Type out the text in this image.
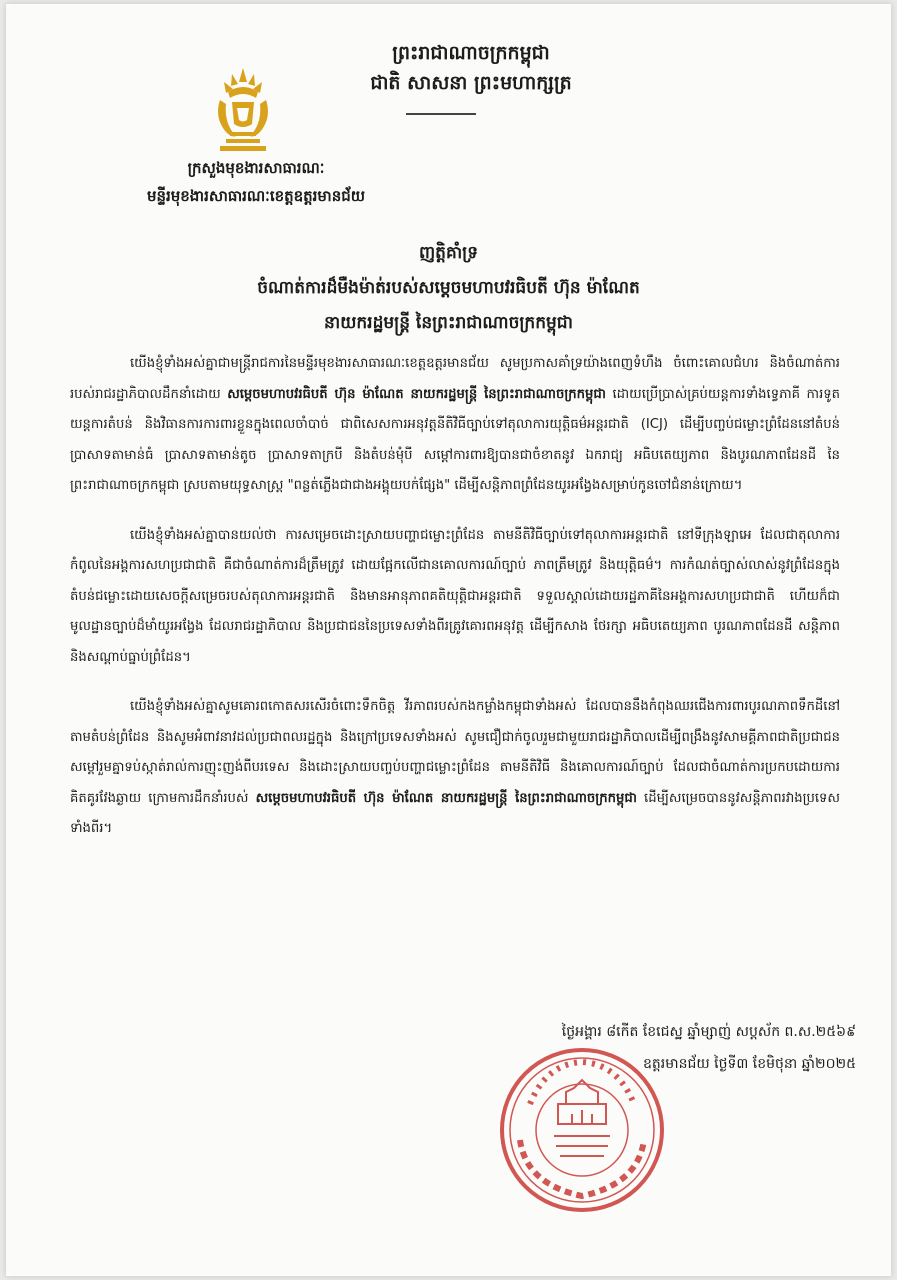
ព្រះរាជាណាចក្រកម្ពុជា
ជាតិ សាសនា ព្រះមហាក្សត្រ
ក្រសួងមុខងារសាធារណៈ
មន្ទីរមុខងារសាធារណៈខេត្តឧត្តរមានជ័យ
ញត្តិគាំទ្រ
ចំណាត់ការដ៏មឺងម៉ាត់របស់សម្តេចមហាបវរធិបតី ហ៊ុន ម៉ាណែត
នាយករដ្ឋមន្ត្រី នៃព្រះរាជាណាចក្រកម្ពុជា

យើងខ្ញុំទាំងអស់គ្នាជាមន្ត្រីរាជការនៃមន្ទីរមុខងារសាធារណៈខេត្តឧត្តរមានជ័យ សូមប្រកាសគាំទ្រយ៉ាងពេញទំហឹង ចំពោះគោលជំហរ និងចំណាត់ការរបស់រាជរដ្ឋាភិបាលដឹកនាំដោយ សម្តេចមហាបវរធិបតី ហ៊ុន ម៉ាណែត នាយករដ្ឋមន្ត្រី នៃព្រះរាជាណាចក្រកម្ពុជា ដោយប្រើប្រាស់គ្រប់យន្តការទាំងទ្វេភាគី ការទូត យន្តការតំបន់ និងវិធានការការពារខ្លួនក្នុងពេលចាំបាច់ ជាពិសេសការអនុវត្តនីតិវិធីច្បាប់ទៅតុលាការយុត្តិធម៌អន្តរជាតិ (ICJ) ដើម្បីបញ្ចប់ជម្លោះព្រំដែននៅតំបន់ ប្រាសាទតាមាន់ធំ ប្រាសាទតាមាន់តូច ប្រាសាទតាក្របី និងតំបន់មុំបី សម្តៅការពារឱ្យបានជាចំខាតនូវ ឯករាជ្យ អធិបតេយ្យភាព និងបូរណភាពដែនដី នៃព្រះរាជាណាចក្រកម្ពុជា ស្របតាមយុទ្ធសាស្ត្រ "ពន្លត់ភ្លើងជាជាងអង្គុយបក់ផ្សែង" ដើម្បីសន្តិភាពព្រំដែនយូរអង្វែងសម្រាប់កូនចៅជំនាន់ក្រោយ។

យើងខ្ញុំទាំងអស់គ្នាបានយល់ថា ការសម្រេចដោះស្រាយបញ្ហាជម្លោះព្រំដែន តាមនីតិវិធីច្បាប់ទៅតុលាការអន្តរជាតិ នៅទីក្រុងឡាអេ ដែលជាតុលាការកំពូលនៃអង្គការសហប្រជាជាតិ គឺជាចំណាត់ការដ៏ត្រឹមត្រូវ ដោយផ្អែកលើជានគោលការណ៍ច្បាប់ ភាពត្រឹមត្រូវ និងយុត្តិធម៌។ ការកំណត់ច្បាស់លាស់នូវព្រំដែនក្នុងតំបន់ជម្លោះដោយសេចក្តីសម្រេចរបស់តុលាការអន្តរជាតិ និងមានអានុភាពគតិយុត្តិជាអន្តរជាតិ ទទួលស្គាល់ដោយរដ្ឋភាគីនៃអង្គការសហប្រជាជាតិ ហើយក៏ជាមូលដ្ឋានច្បាប់ដ៏មាំយូរអង្វែង ដែលរាជរដ្ឋាភិបាល និងប្រជាជននៃប្រទេសទាំងពីរត្រូវគោរពអនុវត្ត ដើម្បីកសាង ថែរក្សា អធិបតេយ្យភាព បូរណភាពដែនដី សន្តិភាព និងសណ្តាប់ធ្នាប់ព្រំដែន។

យើងខ្ញុំទាំងអស់គ្នាសូមគោរពកោតសរសើរចំពោះទឹកចិត្ត វីរភាពរបស់កងកម្លាំងកម្ពុជាទាំងអស់ ដែលបាននឹងកំពុងឈរជើងការពារបូរណភាពទឹកដីនៅតាមតំបន់ព្រំដែន និងសូមអំពាវនាវដល់ប្រជាពលរដ្ឋក្នុង និងក្រៅប្រទេសទាំងអស់ សូមជឿជាក់ចូលរួមជាមួយរាជរដ្ឋាភិបាលដើម្បីពង្រឹងនូវសាមគ្គីភាពជាតិប្រជាជន សម្តៅរួមគ្នាទប់ស្កាត់រាល់ការញុះញង់ពីបរទេស និងដោះស្រាយបញ្ចប់បញ្ហាជម្លោះព្រំដែន តាមនីតិវិធី និងគោលការណ៍ច្បាប់ ដែលជាចំណាត់ការប្រកបដោយការគិតគូរវែងឆ្ងាយ ក្រោមការដឹកនាំរបស់ សម្តេចមហាបវរធិបតី ហ៊ុន ម៉ាណែត នាយករដ្ឋមន្ត្រី នៃព្រះរាជាណាចក្រកម្ពុជា ដើម្បីសម្រេចបាននូវសន្តិភាពរវាងប្រទេសទាំងពីរ។

ថ្ងៃអង្គារ ៨កើត ខែជេស្ឋ ឆ្នាំម្សាញ់ សប្តស័ក ព.ស.២៥៦៩
ឧត្តរមានជ័យ ថ្ងៃទី៣ ខែមិថុនា ឆ្នាំ២០២៥
